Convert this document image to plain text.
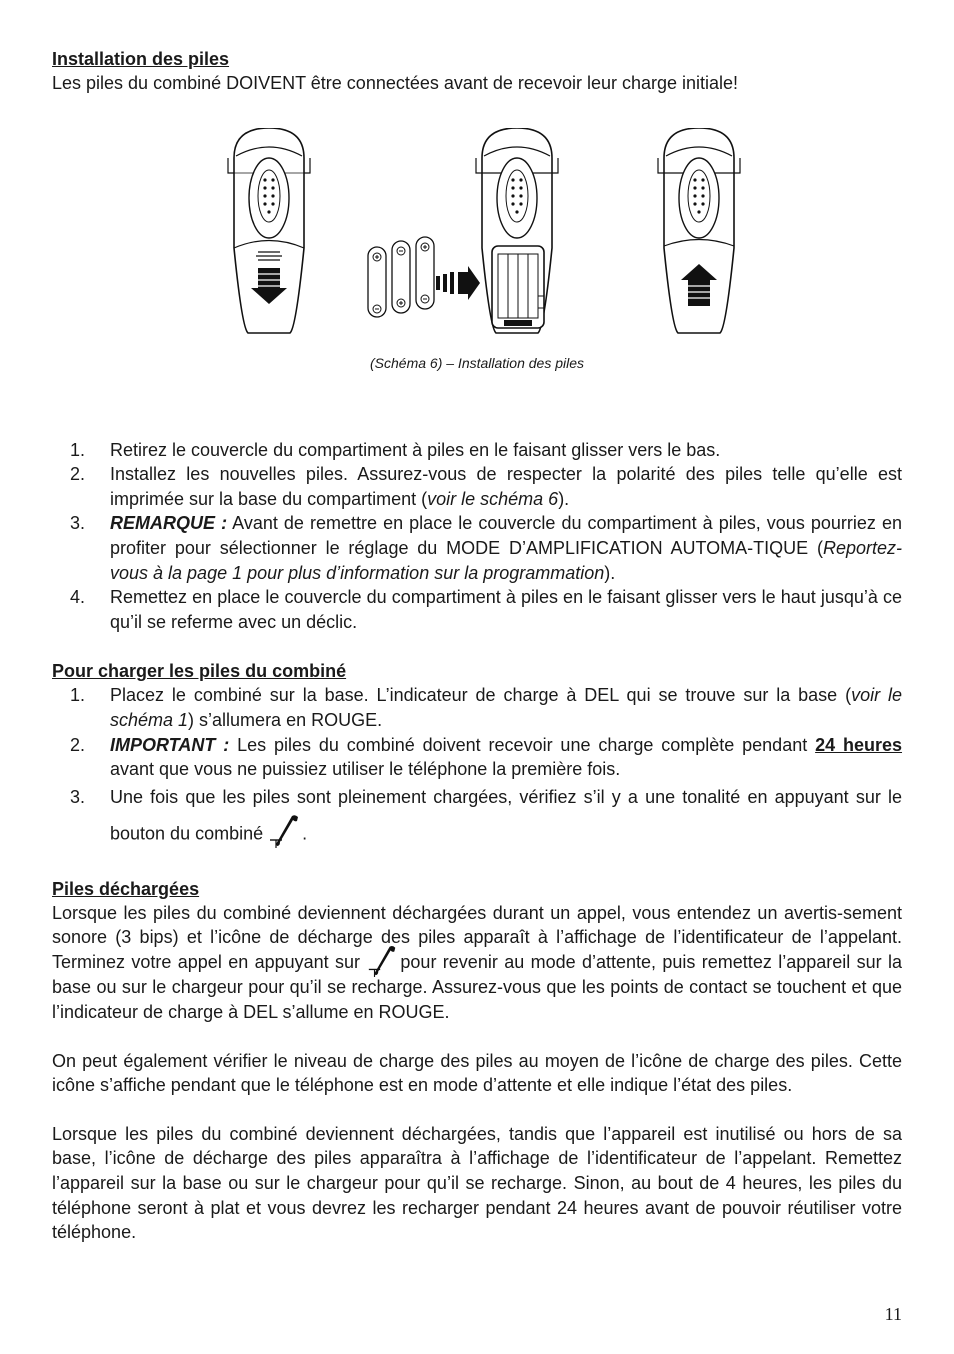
Installation des piles

Les piles du combiné DOIVENT être connectées avant de recevoir leur charge initiale!

(Schéma 6) – Installation des piles
1. Retirez le couvercle du compartiment à piles en le faisant glisser vers le bas.
2. Installez les nouvelles piles. Assurez-vous de respecter la polarité des piles telle qu’elle est imprimée sur la base du compartiment (voir le schéma 6).
3. REMARQUE : Avant de remettre en place le couvercle du compartiment à piles, vous pourriez en profiter pour sélectionner le réglage du MODE D’AMPLIFICATION AUTOMA-TIQUE (Reportez-vous à la page 1 pour plus d’information sur la programmation).
4. Remettez en place le couvercle du compartiment à piles en le faisant glisser vers le haut jusqu’à ce qu’il se referme avec un déclic.
Pour charger les piles du combiné
1. Placez le combiné sur la base. L’indicateur de charge à DEL qui se trouve sur la base (voir le schéma 1) s’allumera en ROUGE.
2. IMPORTANT : Les piles du combiné doivent recevoir une charge complète pendant 24 heures avant que vous ne puissiez utiliser le téléphone la première fois.
3. Une fois que les piles sont pleinement chargées, vérifiez s’il y a une tonalité en appuyant sur le bouton du combiné .
Piles déchargées

Lorsque les piles du combiné deviennent déchargées durant un appel, vous entendez un avertis-sement sonore (3 bips) et l’icône de décharge des piles apparaît à l’affichage de l’identificateur de l’appelant. Terminez votre appel en appuyant sur pour revenir au mode d’attente, puis remettez l’appareil sur la base ou sur le chargeur pour qu’il se recharge. Assurez-vous que les points de contact se touchent et que l’indicateur de charge à DEL s’allume en ROUGE.

On peut également vérifier le niveau de charge des piles au moyen de l’icône de charge des piles. Cette icône s’affiche pendant que le téléphone est en mode d’attente et elle indique l’état des piles.

Lorsque les piles du combiné deviennent déchargées, tandis que l’appareil est inutilisé ou hors de sa base, l’icône de décharge des piles apparaîtra à l’affichage de l’identificateur de l’appelant. Remettez l’appareil sur la base ou sur le chargeur pour qu’il se recharge. Sinon, au bout de 4 heures, les piles du téléphone seront à plat et vous devrez les recharger pendant 24 heures avant de pouvoir réutiliser votre téléphone.

11
